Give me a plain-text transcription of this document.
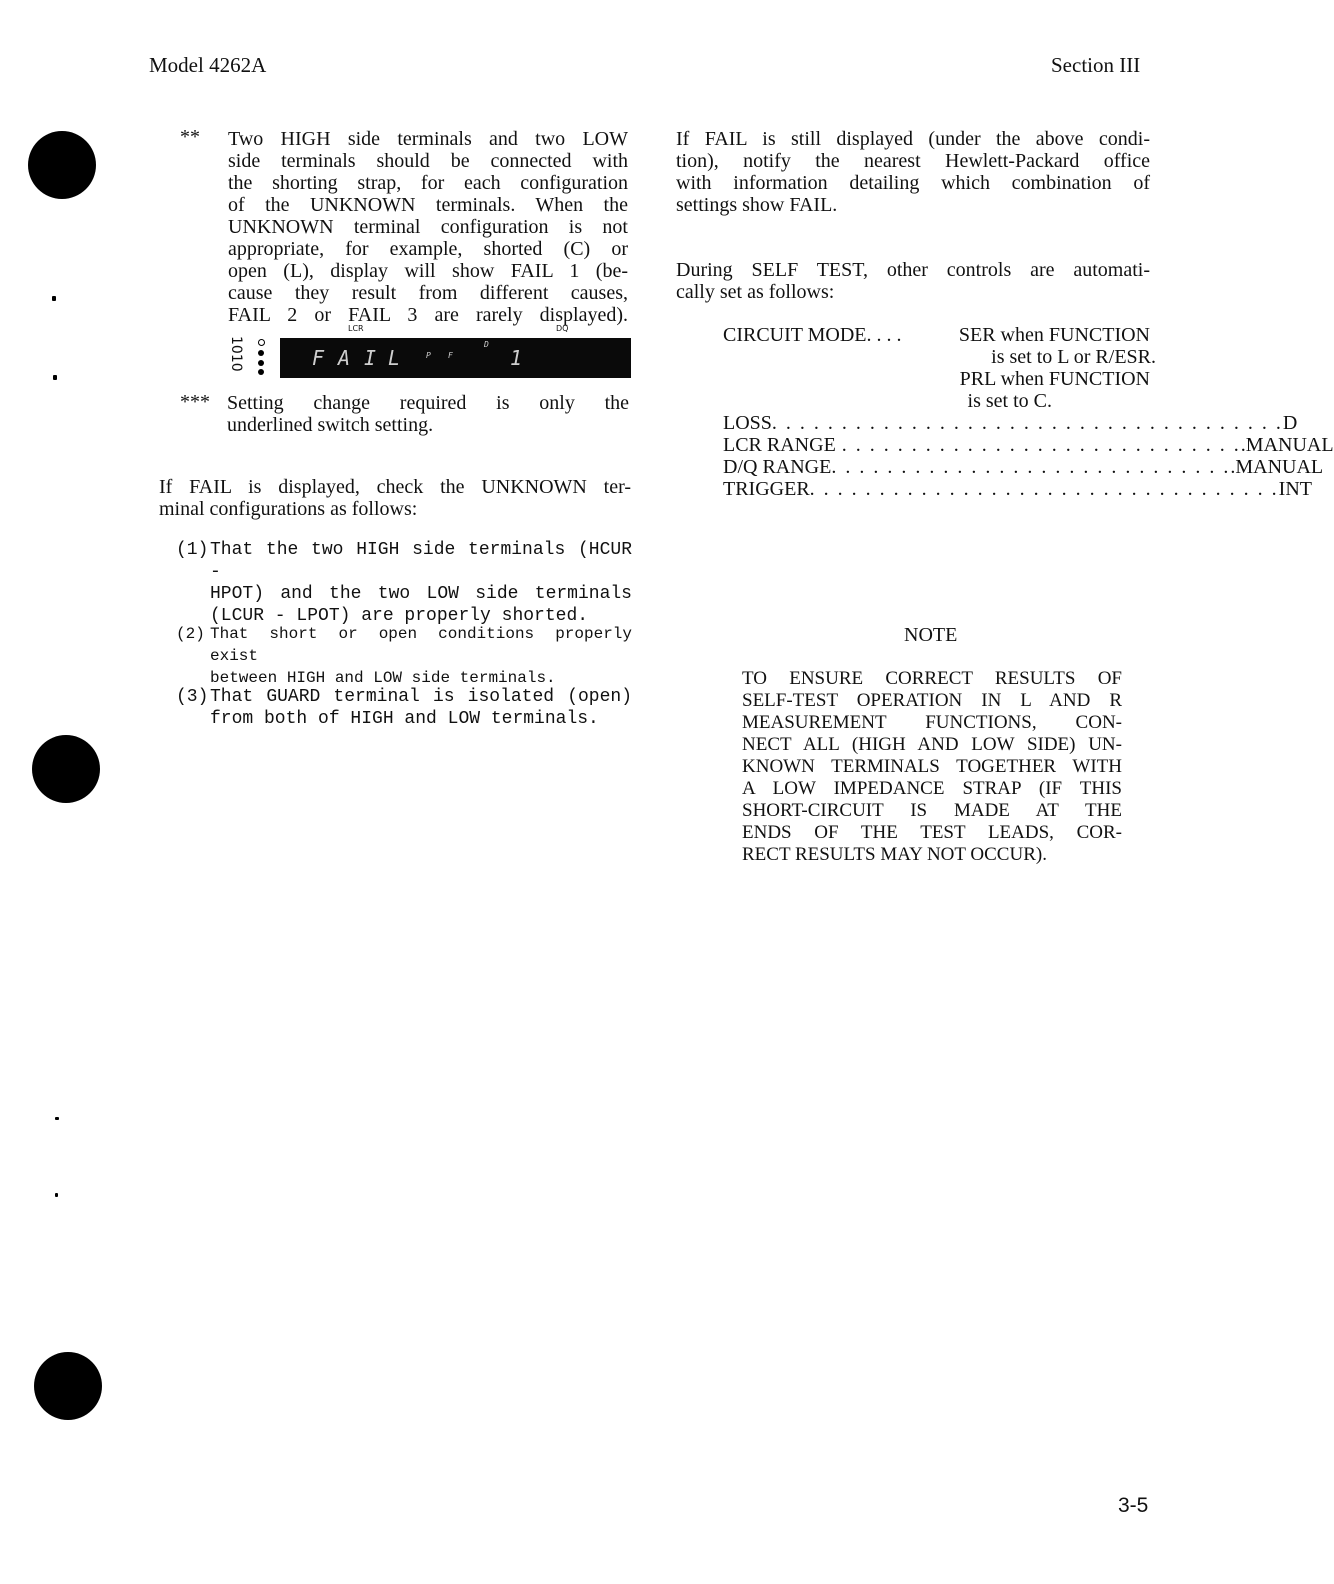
Model 4262A	Section III
** Two HIGH side terminals and two LOW
side terminals should be connected with
the shorting strap, for each configuration
of the UNKNOWN terminals. When the
UNKNOWN terminal configuration is not
appropriate, for example, shorted (C) or
open (L), display will show FAIL 1 (be-
cause they result from different causes,
FAIL 2 or FAIL 3 are rarely displayed).
1010
LCR	DQ
F A I L P F
D
1
*** Setting change required is only the
underlined switch setting.
If FAIL is displayed, check the UNKNOWN ter-
minal configurations as follows:
(1) That the two HIGH side terminals (HCUR -
HPOT) and the two LOW side terminals
(LCUR - LPOT) are properly shorted.
(2) That short or open conditions properly exist
between HIGH and LOW side terminals.
(3) That GUARD terminal is isolated (open)
from both of HIGH and LOW terminals.
If FAIL is still displayed (under the above condi-
tion), notify the nearest Hewlett-Packard office
with information detailing which combination of
settings show FAIL.
During SELF TEST, other controls are automati-
cally set as follows:
CIRCUIT MODE. . . .	SER when FUNCTION
is set to L or R/ESR.
PRL when FUNCTION
is set to C.
LOSS . . . . . . . . . . . . . . . . . . . . . . . . . . . . . . . . . . . . . D
LCR RANGE . . . . . . . . . . . . . . . . . . . . . . . . . . . . . .MANUAL
D/Q RANGE . . . . . . . . . . . . . . . . . . . . . . . . . . . . . .MANUAL
TRIGGER . . . . . . . . . . . . . . . . . . . . . . . . . . . . . . . . . . INT
NOTE
TO ENSURE CORRECT RESULTS OF
SELF-TEST OPERATION IN L AND R
MEASUREMENT FUNCTIONS, CON-
NECT ALL (HIGH AND LOW SIDE) UN-
KNOWN TERMINALS TOGETHER WITH
A LOW IMPEDANCE STRAP (IF THIS
SHORT-CIRCUIT IS MADE AT THE
ENDS OF THE TEST LEADS, COR-
RECT RESULTS MAY NOT OCCUR).
3-5
